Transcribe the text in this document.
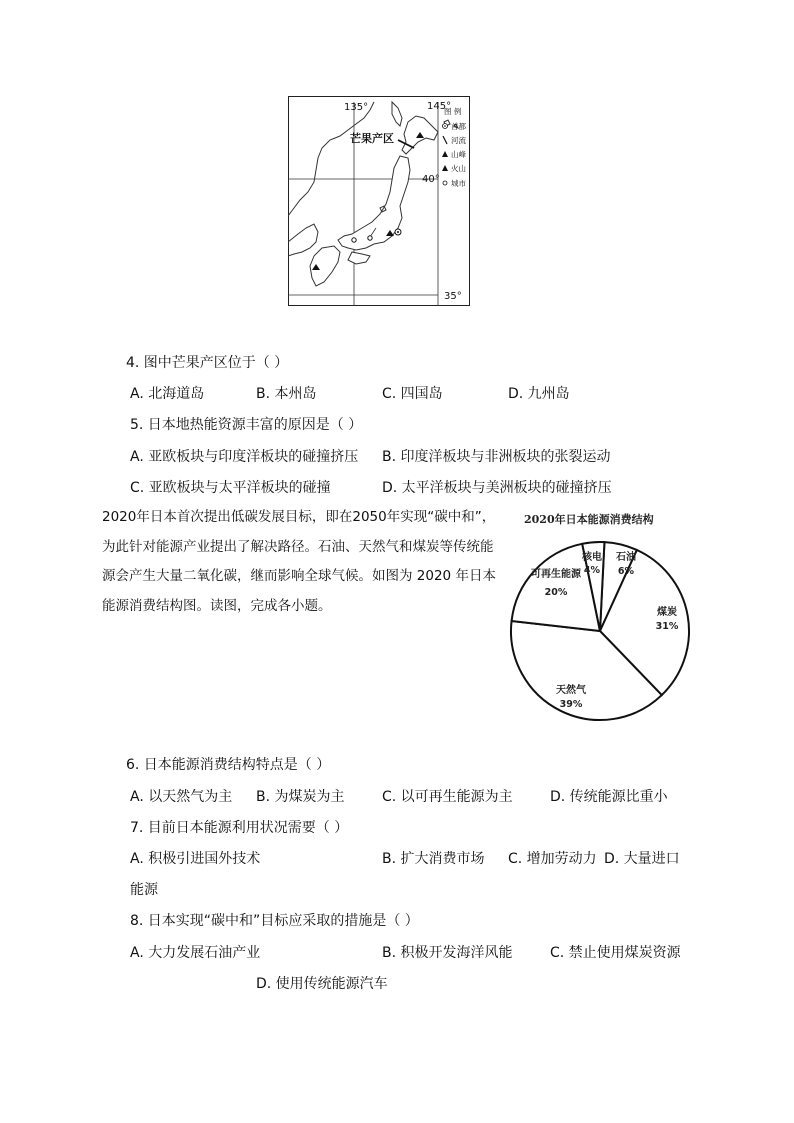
135°	145°
40°
35°
芒果产区
图 例
首都
河流
山峰
火山
城市
4. 图中芒果产区位于（ ）
A. 北海道岛	B. 本州岛	C. 四国岛	D. 九州岛
5. 日本地热能资源丰富的原因是（ ）
A. 亚欧板块与印度洋板块的碰撞挤压 B. 印度洋板块与非洲板块的张裂运动
C. 亚欧板块与太平洋板块的碰撞	D. 太平洋板块与美洲板块的碰撞挤压
2020年日本首次提出低碳发展目标，即在2050年实现“碳中和”，
为此针对能源产业提出了解决路径。石油、天然气和煤炭等传统能
源会产生大量二氧化碳，继而影响全球气候。如图为 2020 年日本
能源消费结构图。读图，完成各小题。
2020年日本能源消费结构
石油
6%
煤炭
31%
天然气
39%
可再生能源
20%
核电
4%
6. 日本能源消费结构特点是（ ）
A. 以天然气为主 B. 为煤炭为主	C. 以可再生能源为主	D. 传统能源比重小
7. 目前日本能源利用状况需要（ ）
A. 积极引进国外技术	B. 扩大消费市场 C. 增加劳动力 D. 大量进口
能源
8. 日本实现“碳中和”目标应采取的措施是（ ）
A. 大力发展石油产业	B. 积极开发海洋风能	C. 禁止使用煤炭资源
D. 使用传统能源汽车
